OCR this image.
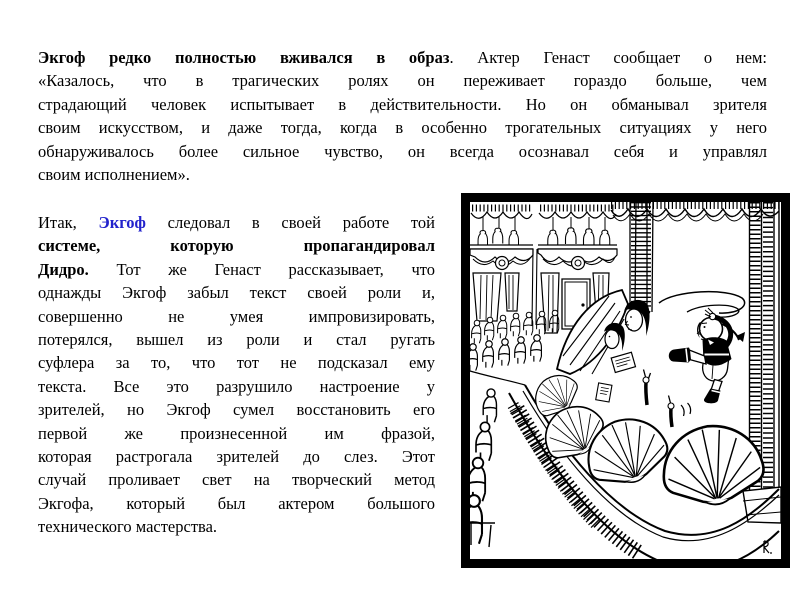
Экгоф редко полностью вживался в образ. Актер Генаст сообщает о нем:
«Казалось, что в трагических ролях он переживает гораздо больше, чем
страдающий человек испытывает в действительности. Но он обманывал зрителя
своим искусством, и даже тогда, когда в особенно трогательных ситуациях у него
обнаруживалось более сильное чувство, он всегда осознавал себя и управлял
своим исполнением».

Итак, Экгоф следовал в своей работе той
системе, которую пропагандировал
Дидро. Тот же Генаст рассказывает, что
однажды Экгоф забыл текст своей роли и,
совершенно не умея импровизировать,
потерялся, вышел из роли и стал ругать
суфлера за то, что тот не подсказал ему
текста. Все это разрушило настроение у
зрителей, но Экгоф сумел восстановить его
первой же произнесенной им фразой,
которая растрогала зрителей до слез. Этот
случай проливает свет на творческий метод
Экгофа, который был актером большого
технического мастерства.
